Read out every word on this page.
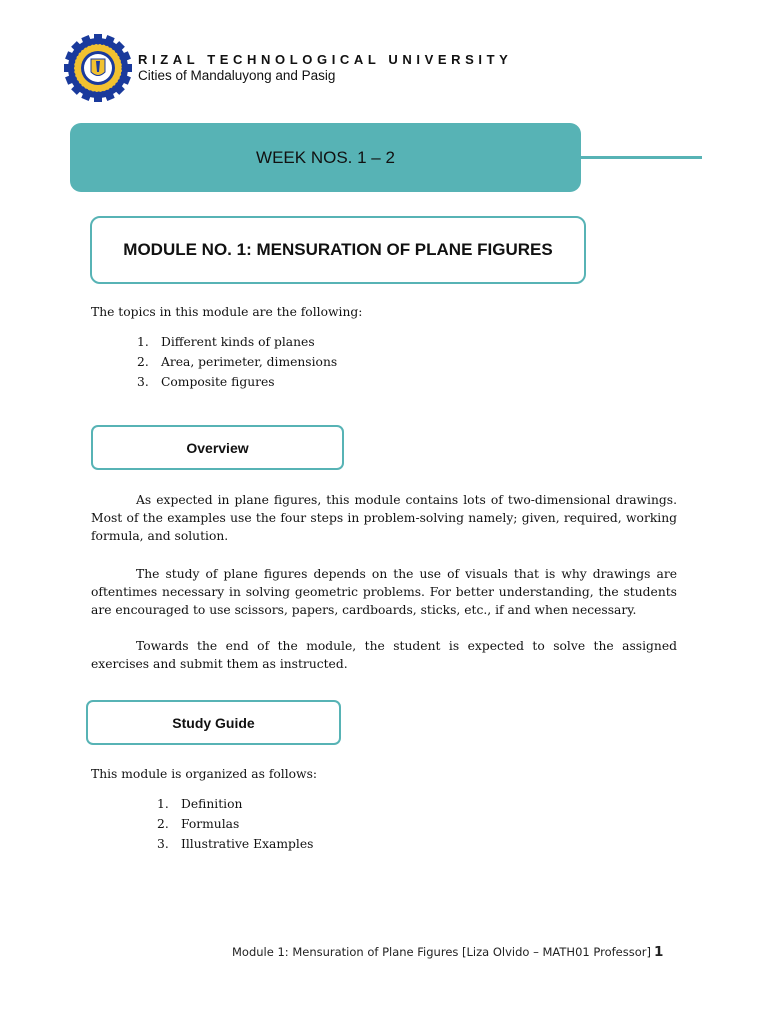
RIZAL TECHNOLOGICAL UNIVERSITY
Cities of Mandaluyong and Pasig
WEEK NOS. 1 – 2
MODULE NO. 1: MENSURATION OF PLANE FIGURES
The topics in this module are the following:
1. Different kinds of planes
2. Area, perimeter, dimensions
3. Composite figures
Overview

As expected in plane figures, this module contains lots of two-dimensional drawings. Most of the examples use the four steps in problem-solving namely; given, required, working formula, and solution.

The study of plane figures depends on the use of visuals that is why drawings are oftentimes necessary in solving geometric problems. For better understanding, the students are encouraged to use scissors, papers, cardboards, sticks, etc., if and when necessary.

Towards the end of the module, the student is expected to solve the assigned exercises and submit them as instructed.

Study Guide
This module is organized as follows:
1. Definition
2. Formulas
3. Illustrative Examples
Module 1: Mensuration of Plane Figures [Liza Olvido – MATH01 Professor] 1
